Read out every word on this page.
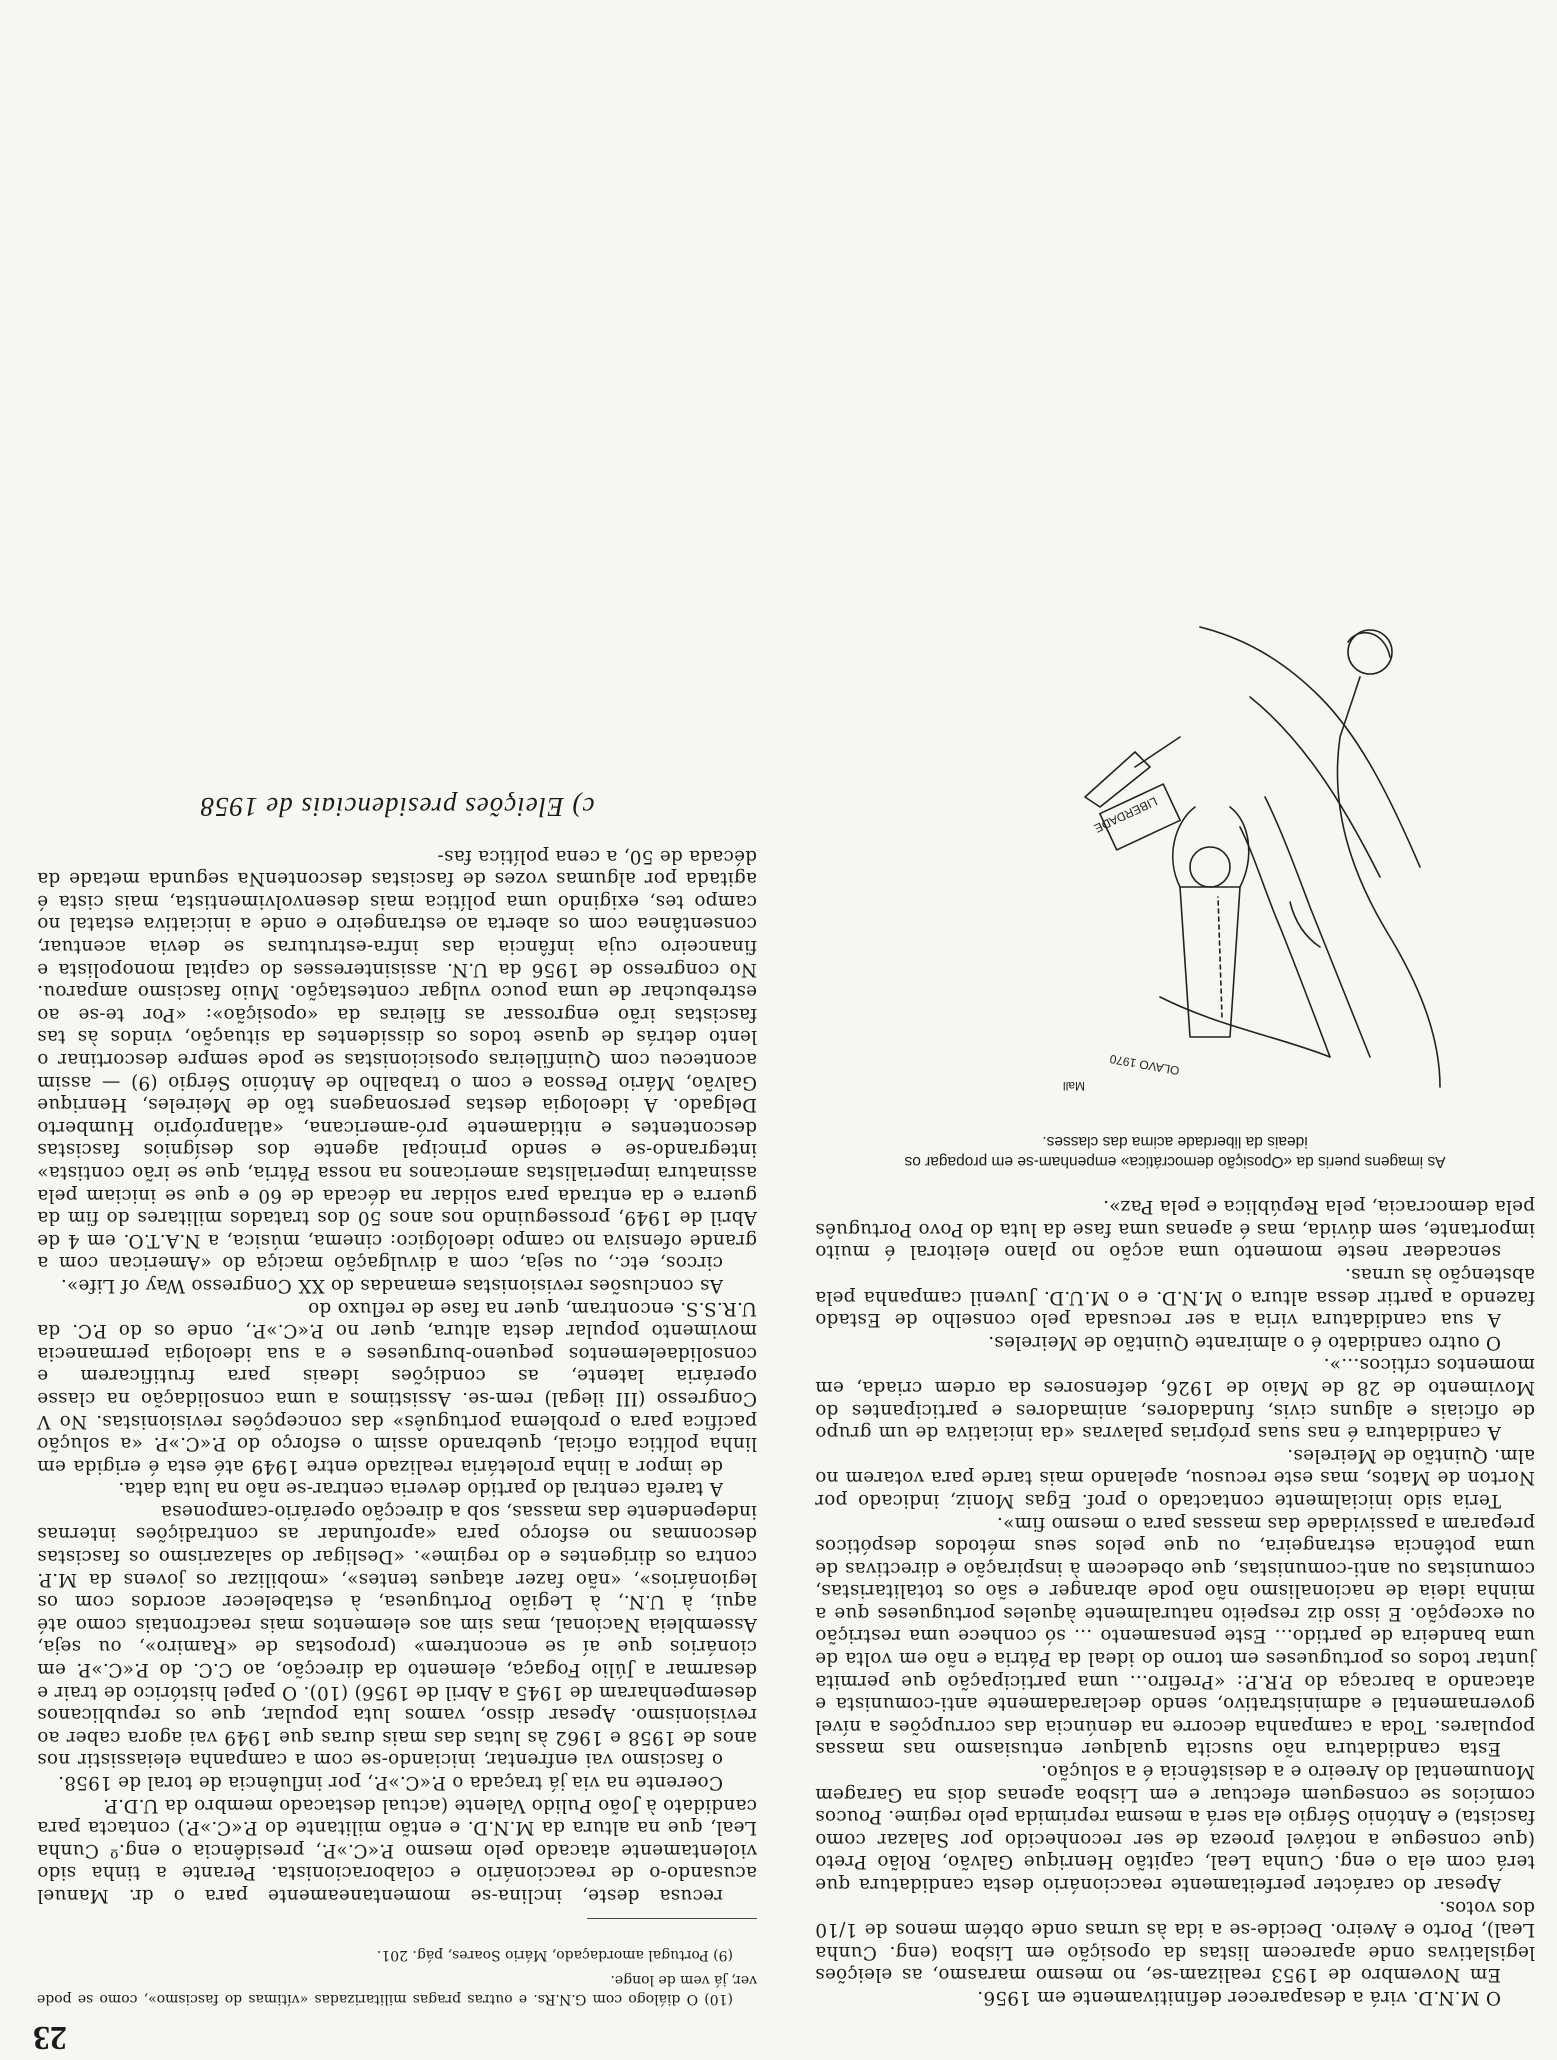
23

(10) O diálogo com G.N.Rs. e outras pragas militarizadas «vítimas do fascismo», como se pode ver, já vem de longe.

(9) Portugal amordaçado, Mário Soares, pág. 201.

recusa deste, inclina-se momentaneamente para o dr. Manuel acusando-o de reaccionário e colaboracionista. Perante a tinha sido violentamente atacado pelo mesmo P.«C.»P., presidência o eng.º Cunha Leal, que na altura da M.N.D. e então militante do P.«C.»P.) contacta para candidato à João Pulido Valente (actual destacado membro da U.D.P.

Coerente na via já traçada o P.«C.»P., por influência de toral de 1958.

o fascismo vai enfrentar, iniciando-se com a campanha eleiassistir nos anos de 1958 e 1962 às lutas das mais duras que 1949 vai agora caber ao revisionismo. Apesar disso, vamos luta popular, que os republicanos desempenharam de 1945 a Abril de 1956) (10). O papel histórico de trair e desarmar a Júlio Fogaça, elemento da direcção, ao C.C. do P.«C.»P. em cionários que aí se encontrem» (propostas de «Ramiro», ou seja, Assembleia Nacional, mas sim aos elementos mais reacfrontais como até aqui, à U.N., à Legião Portuguesa, à estabelecer acordos com os legionários», «não fazer ataques tentes», «mobilizar os jovens da M.P. contra os dirigentes e do regime». «Desligar do salazarismo os fascistas desconmas no esforço para «aprofundar as contradições internas independente das massas, sob a direcção operário-camponesa

A tarefa central do partido deveria centrar-se não na luta data.

de impor a linha proletária realizado entre 1949 até esta é erigida em linha política oficial, quebrando assim o esforço do P.«C.»P. «a solução pacífica para o problema português» das concepções revisionistas. No V Congresso (III ilegal) rem-se. Assistimos a uma consolidação na classe operária latente, as condições ideais para frutificarem e consolidaelementos pequeno-burgueses e a sua ideologia permanecia movimento popular desta altura, quer no P.«C.»P., onde os do P.C. da U.R.S.S. encontram, quer na fase de refluxo do

As conclusões revisionistas emanadas do XX Congresso Way of Life».

circos, etc., ou seja, com a divulgação maciça do «American com a grande ofensiva no campo ideológico: cinema, música, a N.A.T.O. em 4 de Abril de 1949, prosseguindo nos anos 50 dos tratados militares do fim da guerra e da entrada para solidar na década de 60 e que se iniciam pela assinatura imperialistas americanos na nossa Pátria, que se irão contista» integrando-se e sendo principal agente dos desígnios fascistas descontentes e nitidamente pró-americana, «atlanpróprio Humberto Delgado. A ideologia destas personagens tão de Meireles, Henrique Galvão, Mário Pessoa e com o trabalho de António Sérgio (9) — assim aconteceu com Quinfileiras oposicionistas se pode sempre descortinar o lento detrás de quase todos os dissidentes da situação, vindos às tas fascistas irão engrossar as fileiras da «oposição»: «Por te-se ao estrebuchar de uma pouco vulgar contestação. Muio fascismo amparou. No congresso de 1956 da U.N. assisinteresses do capital monopolista e financeiro cuja infância das infra-estruturas se devia acentuar, consentânea com os aberta ao estrangeiro e onde a iniciativa estatal no campo tes, exigindo uma política mais desenvolvimentista, mais cista é agitada por algumas vozes de fascistas descontenNa segunda metade da década de 50, a cena política fas-

c) Eleições presidenciais de 1958

O M.N.D. virá a desaparecer definitivamente em 1956.

Em Novembro de 1953 realizam-se, no mesmo marasmo, as eleições legislativas onde aparecem listas da oposição em Lisboa (eng. Cunha Leal), Porto e Aveiro. Decide-se a ida às urnas onde obtém menos de 1/10 dos votos.

Apesar do carácter perfeitamente reaccionário desta candidatura que terá com ela o eng. Cunha Leal, capitão Henrique Galvão, Rolão Preto (que consegue a notável proeza de ser reconhecido por Salazar como fascista) e António Sérgio ela será a mesma reprimida pelo regime. Poucos comícios se conseguem efectuar e em Lisboa apenas dois na Garagem Monumental do Areeiro e a desistência é a solução.

Esta candidatura não suscita qualquer entusiasmo nas massas populares. Toda a campanha decorre na denúncia das corrupções a nível governamental e administrativo, sendo declaradamente anti-comunista e atacando a barcaça do P.R.P.: «Prefiro... uma participação que permita juntar todos os portugueses em torno do ideal da Pátria e não em volta de uma bandeira de partido... Este pensamento ... só conhece uma restrição ou excepção. E isso diz respeito naturalmente àqueles portugueses que a minha ideia de nacionalismo não pode abranger e são os totalitaristas, comunistas ou anti-comunistas, que obedecem à inspiração e directivas de uma potência estrangeira, ou que pelos seus métodos despóticos preparam a passividade das massas para o mesmo fim».

Teria sido inicialmente contactado o prof. Egas Moniz, indicado por Norton de Matos, mas este recusou, apelando mais tarde para votarem no alm. Quintão de Meireles.

A candidatura é nas suas próprias palavras «da iniciativa de um grupo de oficiais e alguns civis, fundadores, animadores e participantes do Movimento de 28 de Maio de 1926, defensores da ordem criada, em momentos críticos...».

O outro candidato é o almirante Quintão de Meireles.

A sua candidatura viria a ser recusada pelo conselho de Estado fazendo a partir dessa altura o M.N.D. e o M.U.D. Juvenil campanha pela abstenção às urnas.

sencadear neste momento uma acção no plano eleitoral é muito importante, sem dúvida, mas é apenas uma fase da luta do Povo Português pela democracia, pela República e pela Paz».

As imagens pueris da «Oposição democrática» empenham-se em propagar os ideais da liberdade acima das classes.

LIBERDADE
OLAVO 1970
Mall
